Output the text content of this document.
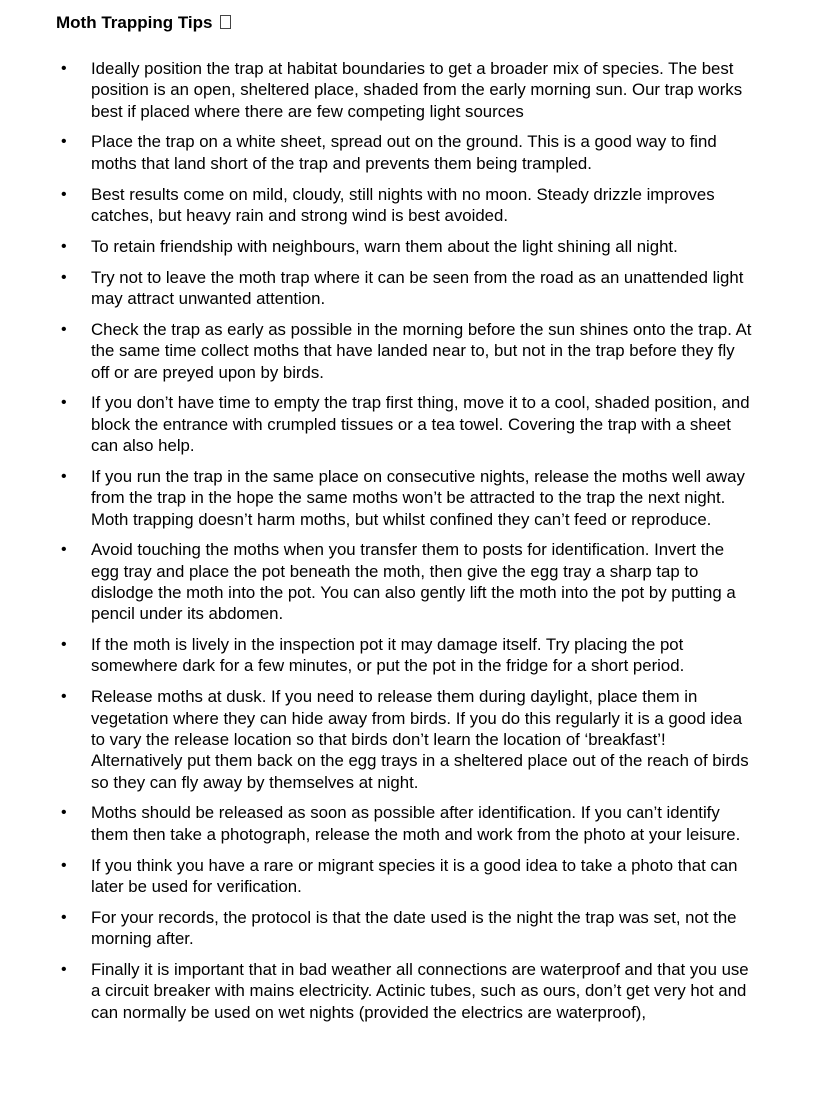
Moth Trapping Tips
• Ideally position the trap at habitat boundaries to get a broader mix of species. The best position is an open, sheltered place, shaded from the early morning sun. Our trap works best if placed where there are few competing light sources
• Place the trap on a white sheet, spread out on the ground. This is a good way to find moths that land short of the trap and prevents them being trampled.
• Best results come on mild, cloudy, still nights with no moon. Steady drizzle improves catches, but heavy rain and strong wind is best avoided.
• To retain friendship with neighbours, warn them about the light shining all night.
• Try not to leave the moth trap where it can be seen from the road as an unattended light may attract unwanted attention.
• Check the trap as early as possible in the morning before the sun shines onto the trap. At the same time collect moths that have landed near to, but not in the trap before they fly off or are preyed upon by birds.
• If you don’t have time to empty the trap first thing, move it to a cool, shaded position, and block the entrance with crumpled tissues or a tea towel. Covering the trap with a sheet can also help.
• If you run the trap in the same place on consecutive nights, release the moths well away from the trap in the hope the same moths won’t be attracted to the trap the next night. Moth trapping doesn’t harm moths, but whilst confined they can’t feed or reproduce.
• Avoid touching the moths when you transfer them to posts for identification. Invert the egg tray and place the pot beneath the moth, then give the egg tray a sharp tap to dislodge the moth into the pot. You can also gently lift the moth into the pot by putting a pencil under its abdomen.
• If the moth is lively in the inspection pot it may damage itself. Try placing the pot somewhere dark for a few minutes, or put the pot in the fridge for a short period.
• Release moths at dusk. If you need to release them during daylight, place them in vegetation where they can hide away from birds. If you do this regularly it is a good idea to vary the release location so that birds don’t learn the location of ‘breakfast’! Alternatively put them back on the egg trays in a sheltered place out of the reach of birds so they can fly away by themselves at night.
• Moths should be released as soon as possible after identification. If you can’t identify them then take a photograph, release the moth and work from the photo at your leisure.
• If you think you have a rare or migrant species it is a good idea to take a photo that can later be used for verification.
• For your records, the protocol is that the date used is the night the trap was set, not the morning after.
• Finally it is important that in bad weather all connections are waterproof and that you use a circuit breaker with mains electricity. Actinic tubes, such as ours, don’t get very hot and can normally be used on wet nights (provided the electrics are waterproof),
